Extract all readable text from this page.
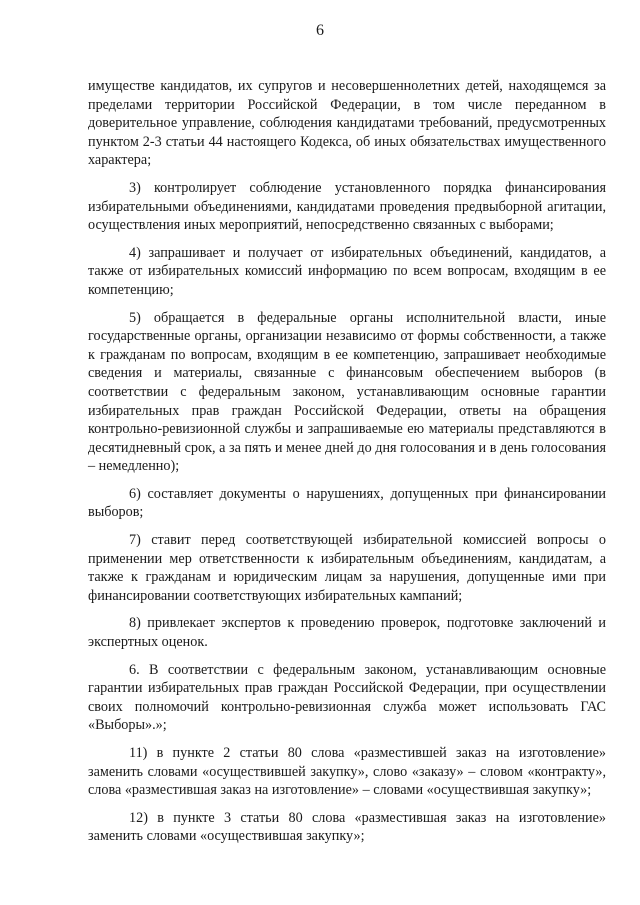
6

имуществе кандидатов, их супругов и несовершеннолетних детей, находящемся за пределами территории Российской Федерации, в том числе переданном в доверительное управление, соблюдения кандидатами требований, предусмотренных пунктом 2-3 статьи 44 настоящего Кодекса, об иных обязательствах имущественного характера;

3) контролирует соблюдение установленного порядка финансирования избирательными объединениями, кандидатами проведения предвыборной агитации, осуществления иных мероприятий, непосредственно связанных с выборами;

4) запрашивает и получает от избирательных объединений, кандидатов, а также от избирательных комиссий информацию по всем вопросам, входящим в ее компетенцию;

5) обращается в федеральные органы исполнительной власти, иные государственные органы, организации независимо от формы собственности, а также к гражданам по вопросам, входящим в ее компетенцию, запрашивает необходимые сведения и материалы, связанные с финансовым обеспечением выборов (в соответствии с федеральным законом, устанавливающим основные гарантии избирательных прав граждан Российской Федерации, ответы на обращения контрольно-ревизионной службы и запрашиваемые ею материалы представляются в десятидневный срок, а за пять и менее дней до дня голосования и в день голосования – немедленно);

6) составляет документы о нарушениях, допущенных при финансировании выборов;

7) ставит перед соответствующей избирательной комиссией вопросы о применении мер ответственности к избирательным объединениям, кандидатам, а также к гражданам и юридическим лицам за нарушения, допущенные ими при финансировании соответствующих избирательных кампаний;

8) привлекает экспертов к проведению проверок, подготовке заключений и экспертных оценок.

6. В соответствии с федеральным законом, устанавливающим основные гарантии избирательных прав граждан Российской Федерации, при осуществлении своих полномочий контрольно-ревизионная служба может использовать ГАС «Выборы».»;

11) в пункте 2 статьи 80 слова «разместившей заказ на изготовление» заменить словами «осуществившей закупку», слово «заказу» – словом «контракту», слова «разместившая заказ на изготовление» – словами «осуществившая закупку»;

12) в пункте 3 статьи 80 слова «разместившая заказ на изготовление» заменить словами «осуществившая закупку»;
